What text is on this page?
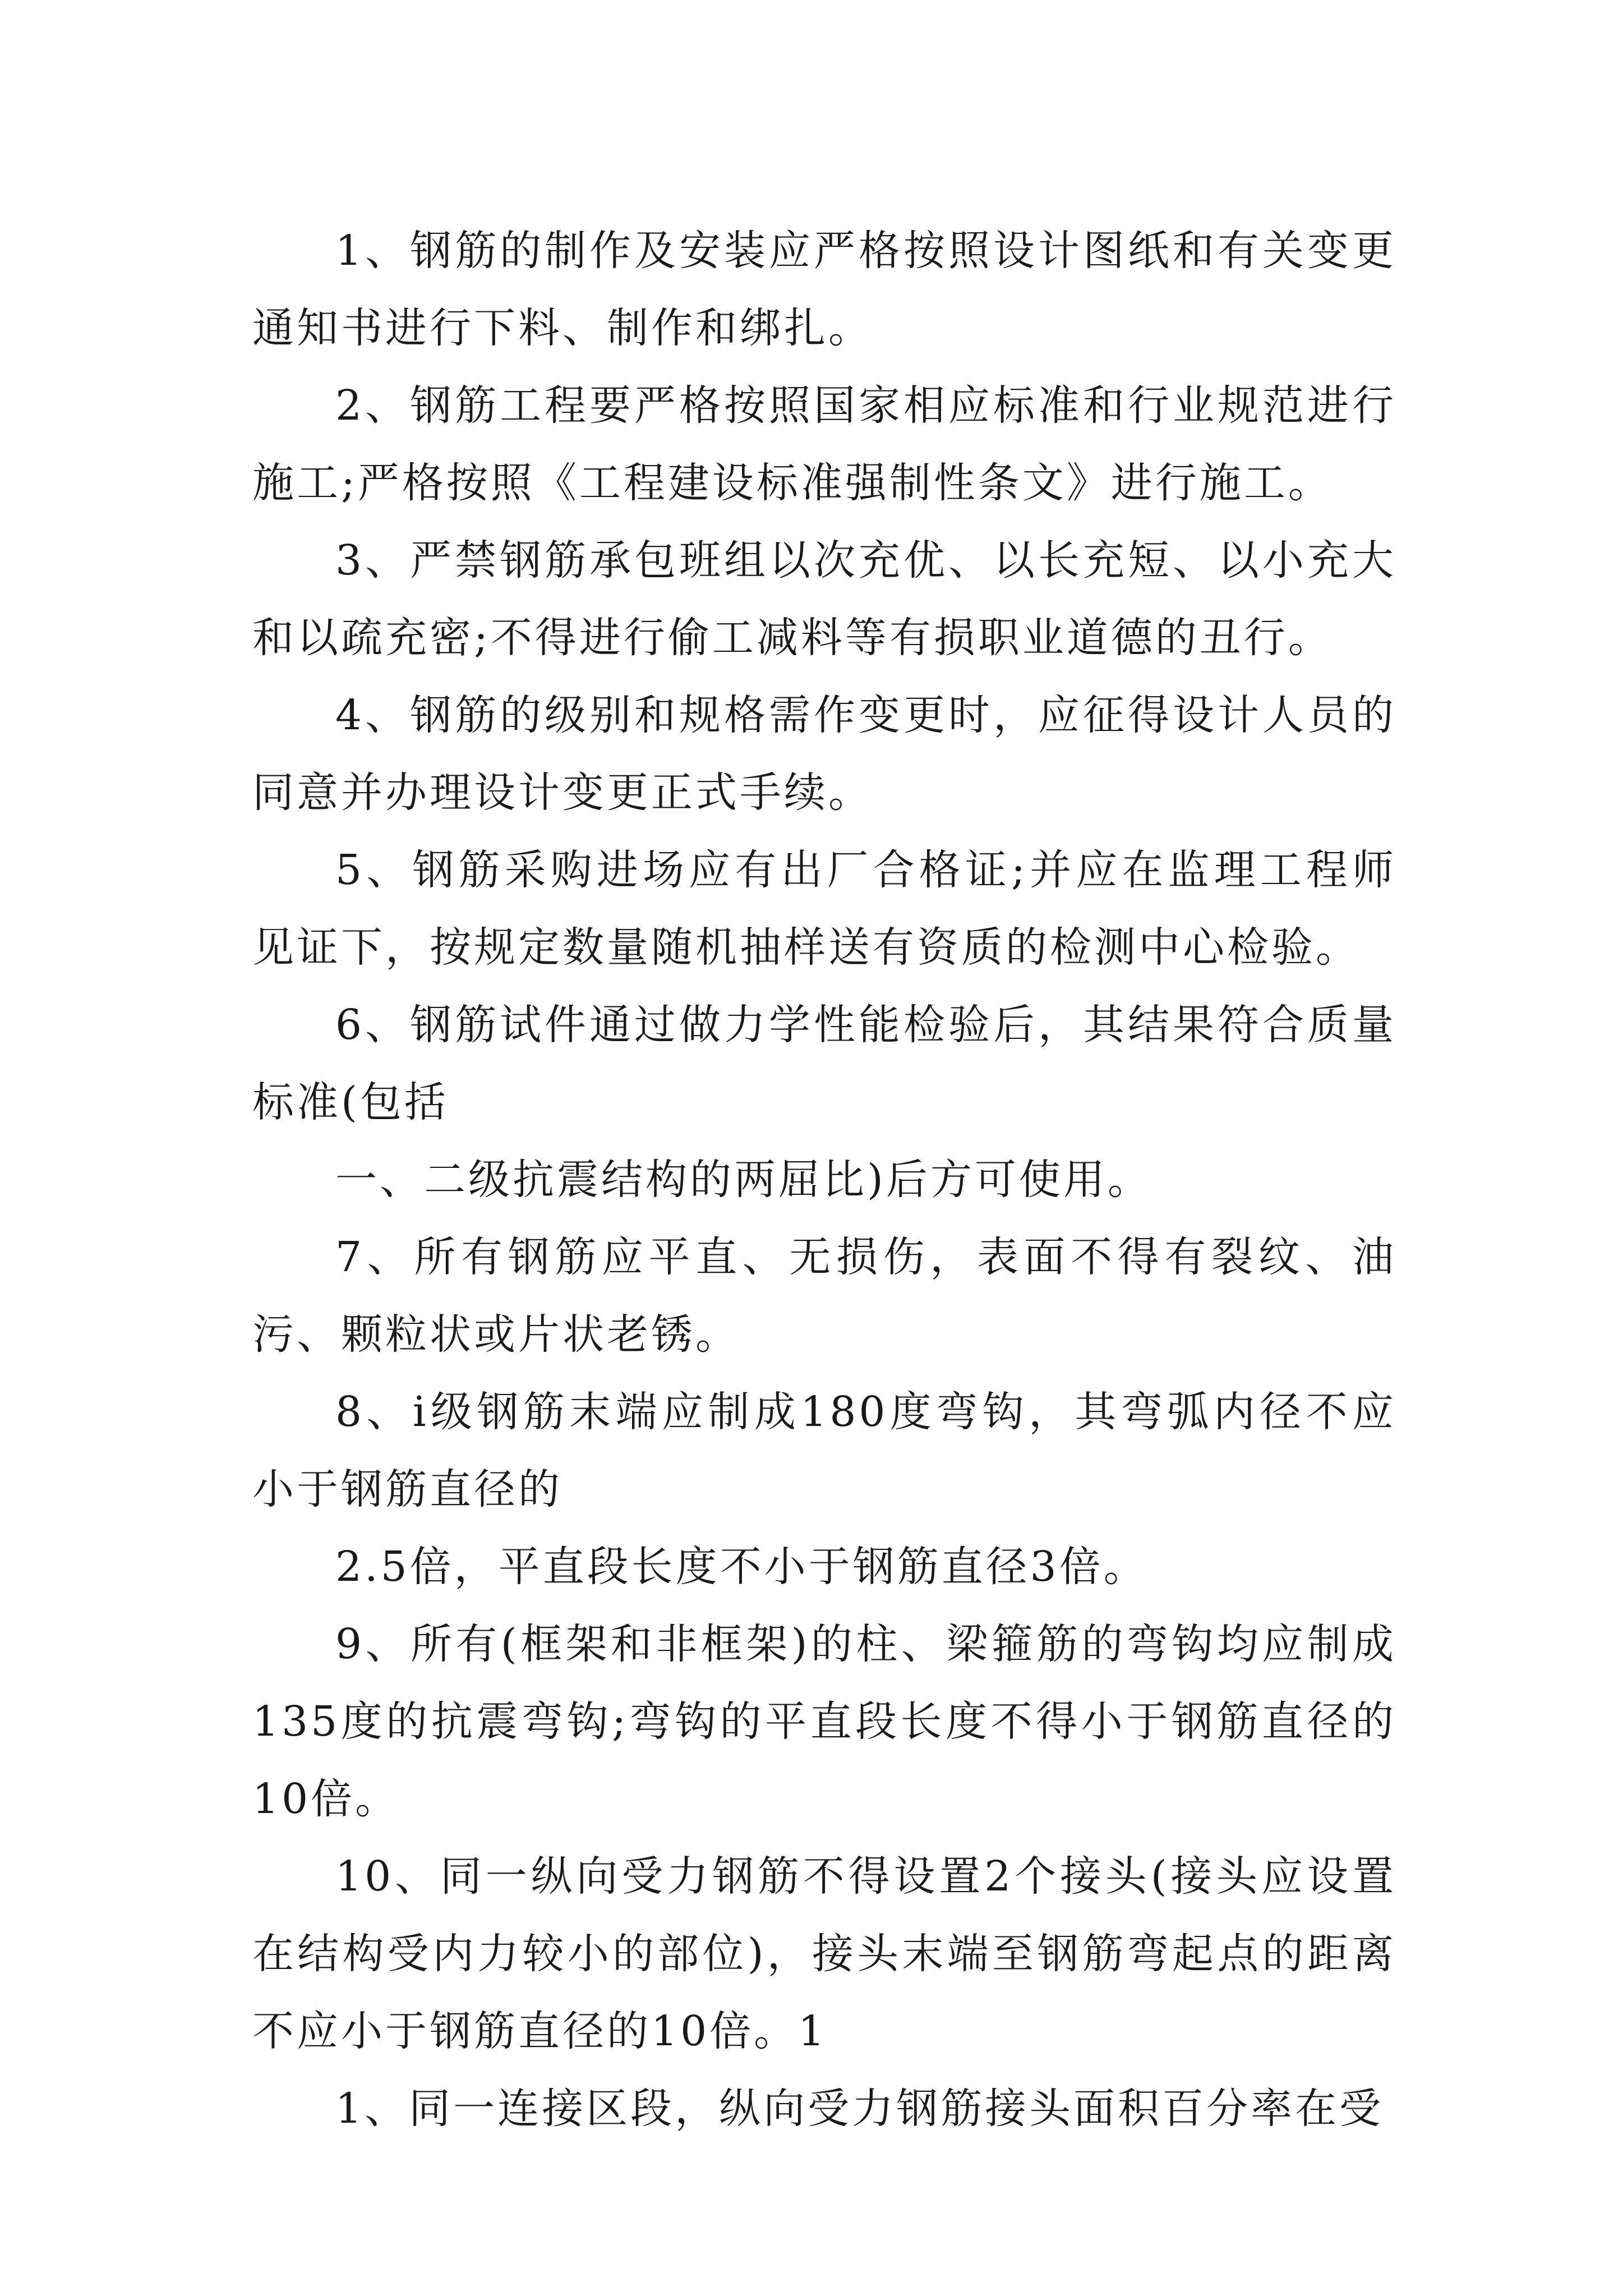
1、钢筋的制作及安装应严格按照设计图纸和有关变更通知书进行下料、制作和绑扎。

2、钢筋工程要严格按照国家相应标准和行业规范进行施工;严格按照《工程建设标准强制性条文》进行施工。

3、严禁钢筋承包班组以次充优、以长充短、以小充大和以疏充密;不得进行偷工减料等有损职业道德的丑行。

4、钢筋的级别和规格需作变更时，应征得设计人员的同意并办理设计变更正式手续。

5、钢筋采购进场应有出厂合格证;并应在监理工程师见证下，按规定数量随机抽样送有资质的检测中心检验。

6、钢筋试件通过做力学性能检验后，其结果符合质量标准(包括

一、二级抗震结构的两屈比)后方可使用。

7、所有钢筋应平直、无损伤，表面不得有裂纹、油污、颗粒状或片状老锈。

8、ⅰ级钢筋末端应制成180度弯钩，其弯弧内径不应小于钢筋直径的

2.5倍，平直段长度不小于钢筋直径3倍。

9、所有(框架和非框架)的柱、梁箍筋的弯钩均应制成135度的抗震弯钩;弯钩的平直段长度不得小于钢筋直径的10倍。

10、同一纵向受力钢筋不得设置2个接头(接头应设置在结构受内力较小的部位)，接头末端至钢筋弯起点的距离不应小于钢筋直径的10倍。1

1、同一连接区段，纵向受力钢筋接头面积百分率在受
